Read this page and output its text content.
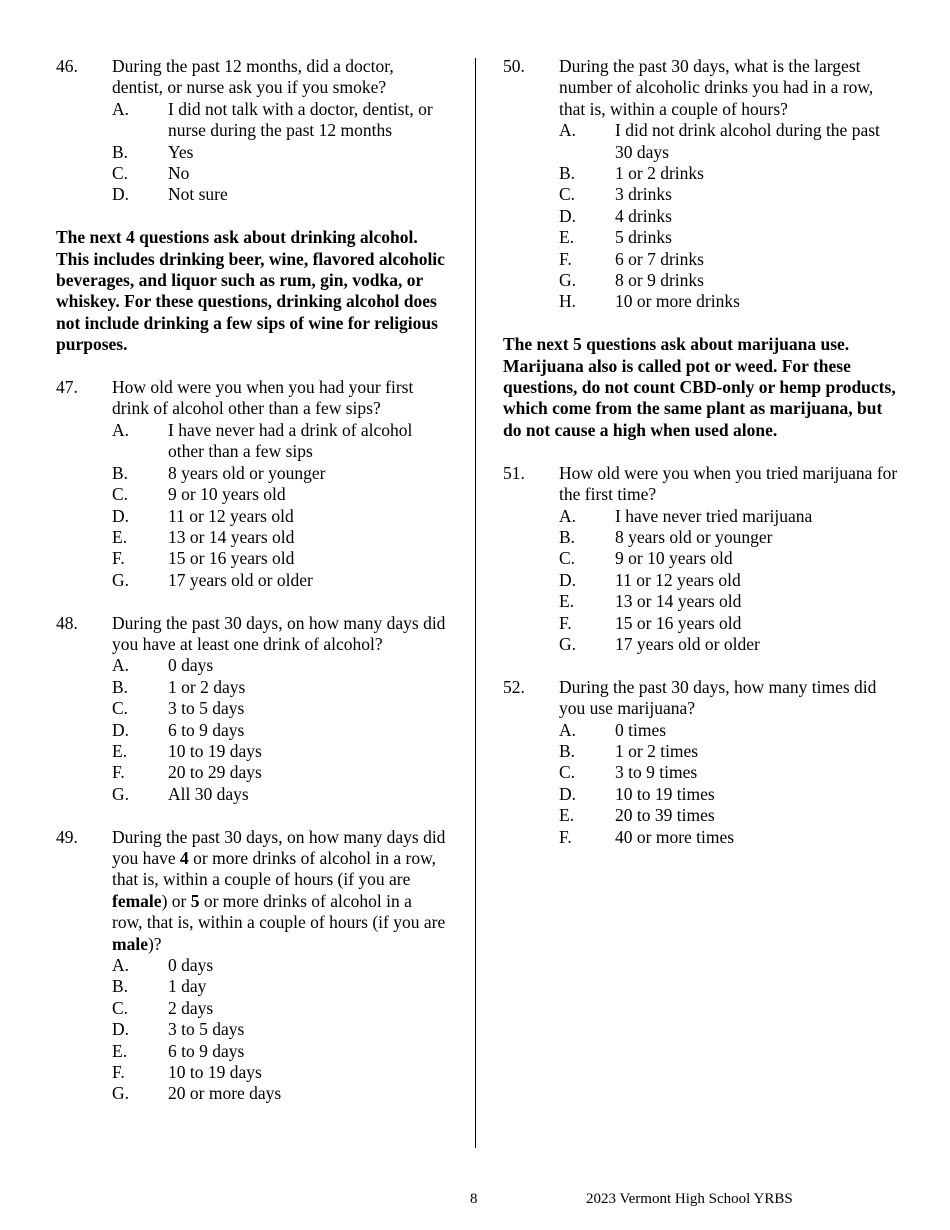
46.	During the past 12 months, did a doctor, dentist, or nurse ask you if you smoke?
A.	I did not talk with a doctor, dentist, or nurse during the past 12 months
B.	Yes
C.	No
D.	Not sure
The next 4 questions ask about drinking alcohol. This includes drinking beer, wine, flavored alcoholic beverages, and liquor such as rum, gin, vodka, or whiskey. For these questions, drinking alcohol does not include drinking a few sips of wine for religious purposes.
47.	How old were you when you had your first drink of alcohol other than a few sips?
A.	I have never had a drink of alcohol other than a few sips
B.	8 years old or younger
C.	9 or 10 years old
D.	11 or 12 years old
E.	13 or 14 years old
F.	15 or 16 years old
G.	17 years old or older
48.	During the past 30 days, on how many days did you have at least one drink of alcohol?
A.	0 days
B.	1 or 2 days
C.	3 to 5 days
D.	6 to 9 days
E.	10 to 19 days
F.	20 to 29 days
G.	All 30 days
49.	During the past 30 days, on how many days did you have 4 or more drinks of alcohol in a row, that is, within a couple of hours (if you are female) or 5 or more drinks of alcohol in a row, that is, within a couple of hours (if you are male)?
A.	0 days
B.	1 day
C.	2 days
D.	3 to 5 days
E.	6 to 9 days
F.	10 to 19 days
G.	20 or more days
50.	During the past 30 days, what is the largest number of alcoholic drinks you had in a row, that is, within a couple of hours?
A.	I did not drink alcohol during the past 30 days
B.	1 or 2 drinks
C.	3 drinks
D.	4 drinks
E.	5 drinks
F.	6 or 7 drinks
G.	8 or 9 drinks
H.	10 or more drinks
The next 5 questions ask about marijuana use. Marijuana also is called pot or weed. For these questions, do not count CBD-only or hemp products, which come from the same plant as marijuana, but do not cause a high when used alone.
51.	How old were you when you tried marijuana for the first time?
A.	I have never tried marijuana
B.	8 years old or younger
C.	9 or 10 years old
D.	11 or 12 years old
E.	13 or 14 years old
F.	15 or 16 years old
G.	17 years old or older
52.	During the past 30 days, how many times did you use marijuana?
A.	0 times
B.	1 or 2 times
C.	3 to 9 times
D.	10 to 19 times
E.	20 to 39 times
F.	40 or more times
8	2023 Vermont High School YRBS
